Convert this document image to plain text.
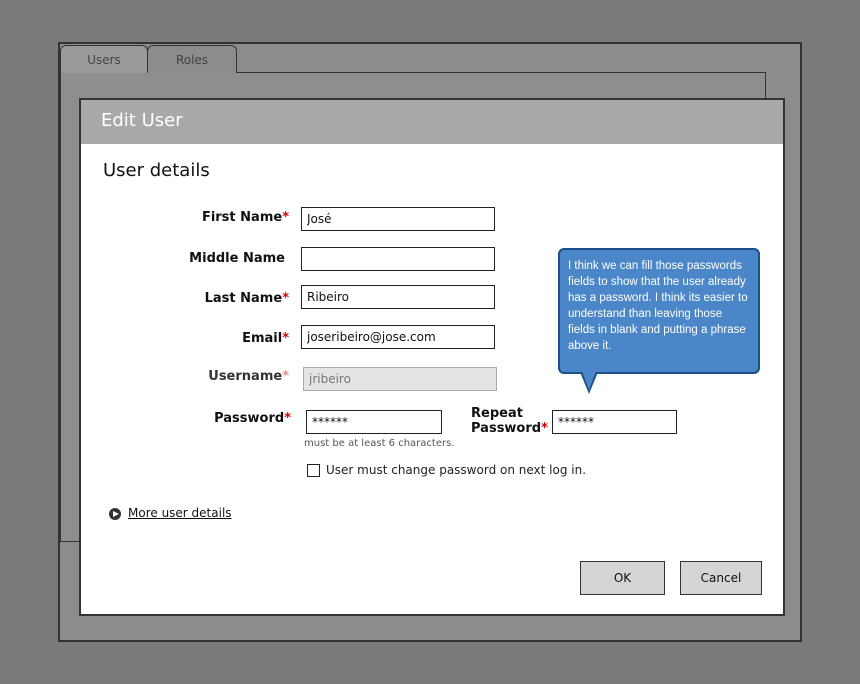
Users	Roles
Edit User
User details
First Name*
José
Middle Name
Last Name*
Ribeiro
Email*
joseribeiro@jose.com
Username*
jribeiro
Password*
******
must be at least 6 characters.
Repeat
Password*
******
User must change password on next log in.
More user details
OK	Cancel
I think we can fill those passwords fields to show that the user already has a password. I think its easier to understand than leaving those fields in blank and putting a phrase above it.
